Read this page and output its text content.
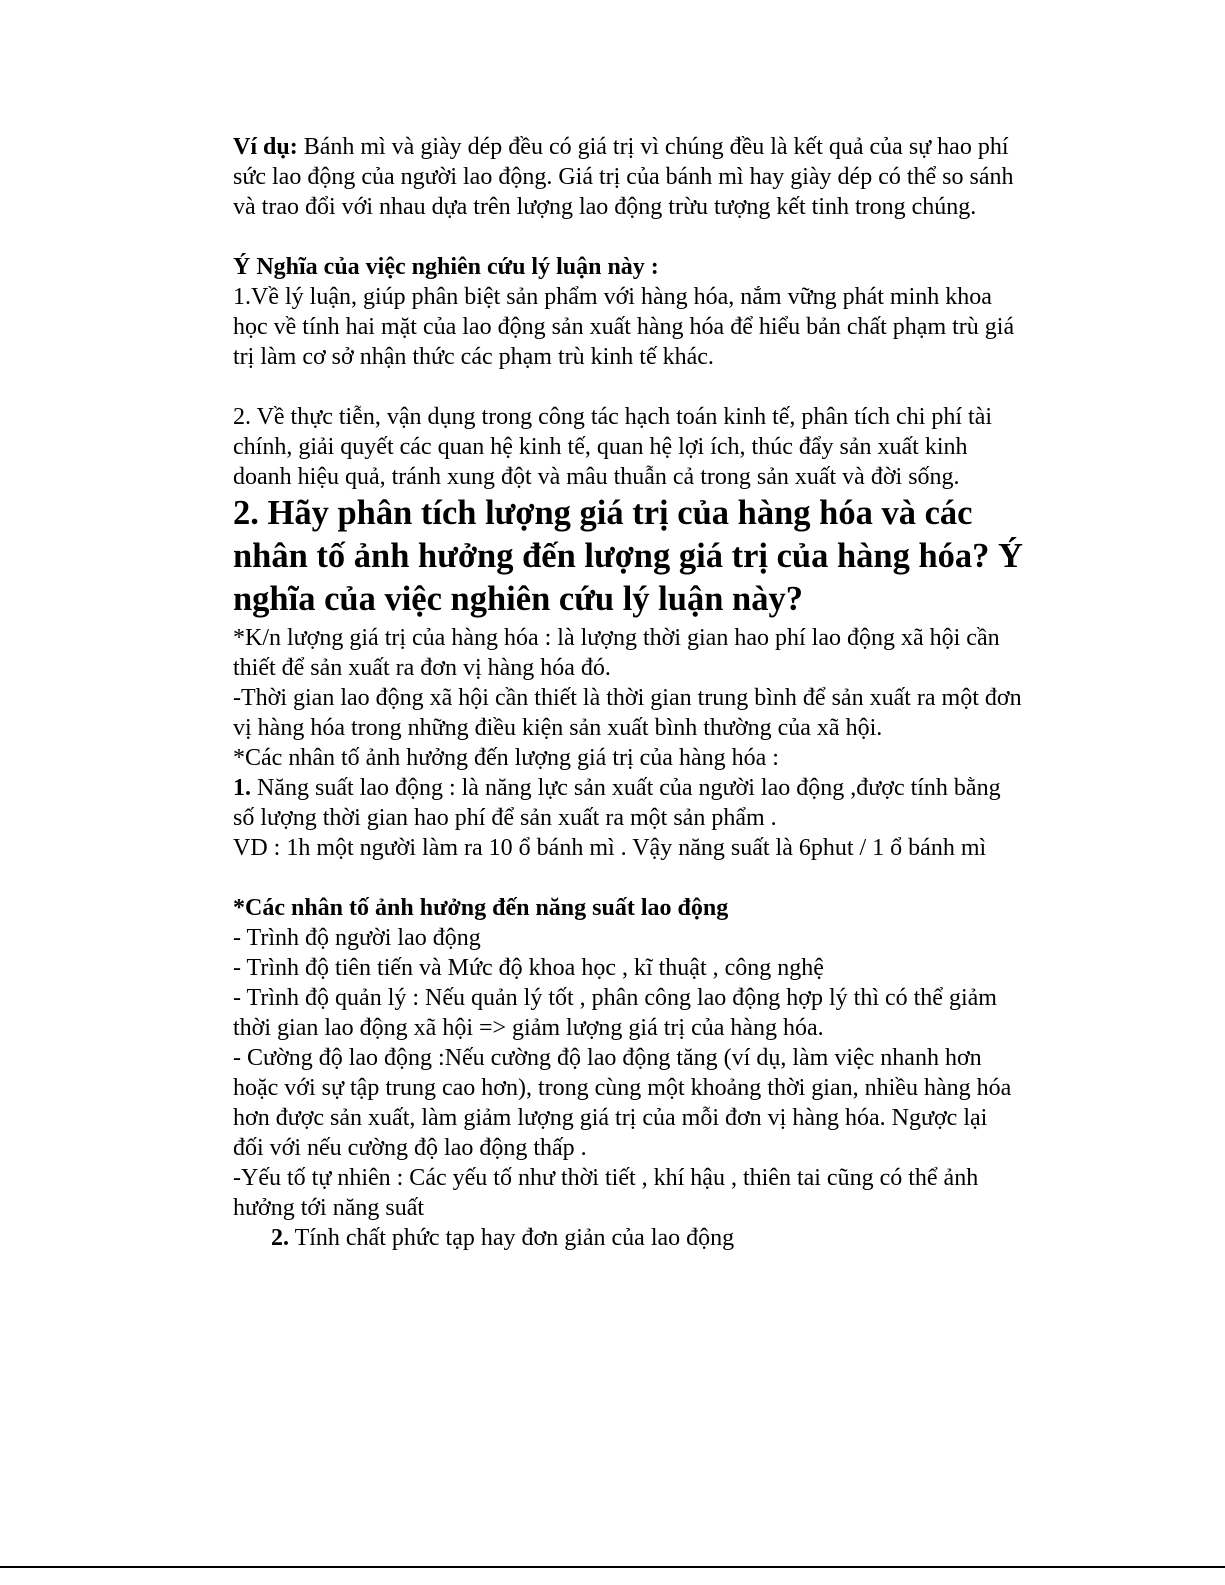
Ví dụ: Bánh mì và giày dép đều có giá trị vì chúng đều là kết quả của sự hao phí sức lao động của người lao động. Giá trị của bánh mì hay giày dép có thể so sánh và trao đổi với nhau dựa trên lượng lao động trừu tượng kết tinh trong chúng.

Ý Nghĩa của việc nghiên cứu lý luận này :

1.Về lý luận, giúp phân biệt sản phẩm với hàng hóa, nắm vững phát minh khoa học về tính hai mặt của lao động sản xuất hàng hóa để hiểu bản chất phạm trù giá trị làm cơ sở nhận thức các phạm trù kinh tế khác.

2. Về thực tiễn, vận dụng trong công tác hạch toán kinh tế, phân tích chi phí tài chính, giải quyết các quan hệ kinh tế, quan hệ lợi ích, thúc đẩy sản xuất kinh doanh hiệu quả, tránh xung đột và mâu thuẫn cả trong sản xuất và đời sống.

2. Hãy phân tích lượng giá trị của hàng hóa và các nhân tố ảnh hưởng đến lượng giá trị của hàng hóa? Ý nghĩa của việc nghiên cứu lý luận này?

*K/n lượng giá trị của hàng hóa : là lượng thời gian hao phí lao động xã hội cần thiết để sản xuất ra đơn vị hàng hóa đó.

-Thời gian lao động xã hội cần thiết là thời gian trung bình để sản xuất ra một đơn vị hàng hóa trong những điều kiện sản xuất bình thường của xã hội.

*Các nhân tố ảnh hưởng đến lượng giá trị của hàng hóa :

1. Năng suất lao động : là năng lực sản xuất của người lao động ,được tính bằng số lượng thời gian hao phí để sản xuất ra một sản phẩm .

VD : 1h một người làm ra 10 ổ bánh mì . Vậy năng suất là 6phut / 1 ổ bánh mì

*Các nhân tố ảnh hưởng đến năng suất lao động

- Trình độ người lao động

- Trình độ tiên tiến và Mức độ khoa học , kĩ thuật , công nghệ

- Trình độ quản lý : Nếu quản lý tốt , phân công lao động hợp lý thì có thể giảm thời gian lao động xã hội => giảm lượng giá trị của hàng hóa.

- Cường độ lao động :Nếu cường độ lao động tăng (ví dụ, làm việc nhanh hơn hoặc với sự tập trung cao hơn), trong cùng một khoảng thời gian, nhiều hàng hóa hơn được sản xuất, làm giảm lượng giá trị của mỗi đơn vị hàng hóa. Ngược lại đối với nếu cường độ lao động thấp .

-Yếu tố tự nhiên : Các yếu tố như thời tiết , khí hậu , thiên tai cũng có thể ảnh hưởng tới năng suất

2. Tính chất phức tạp hay đơn giản của lao động
